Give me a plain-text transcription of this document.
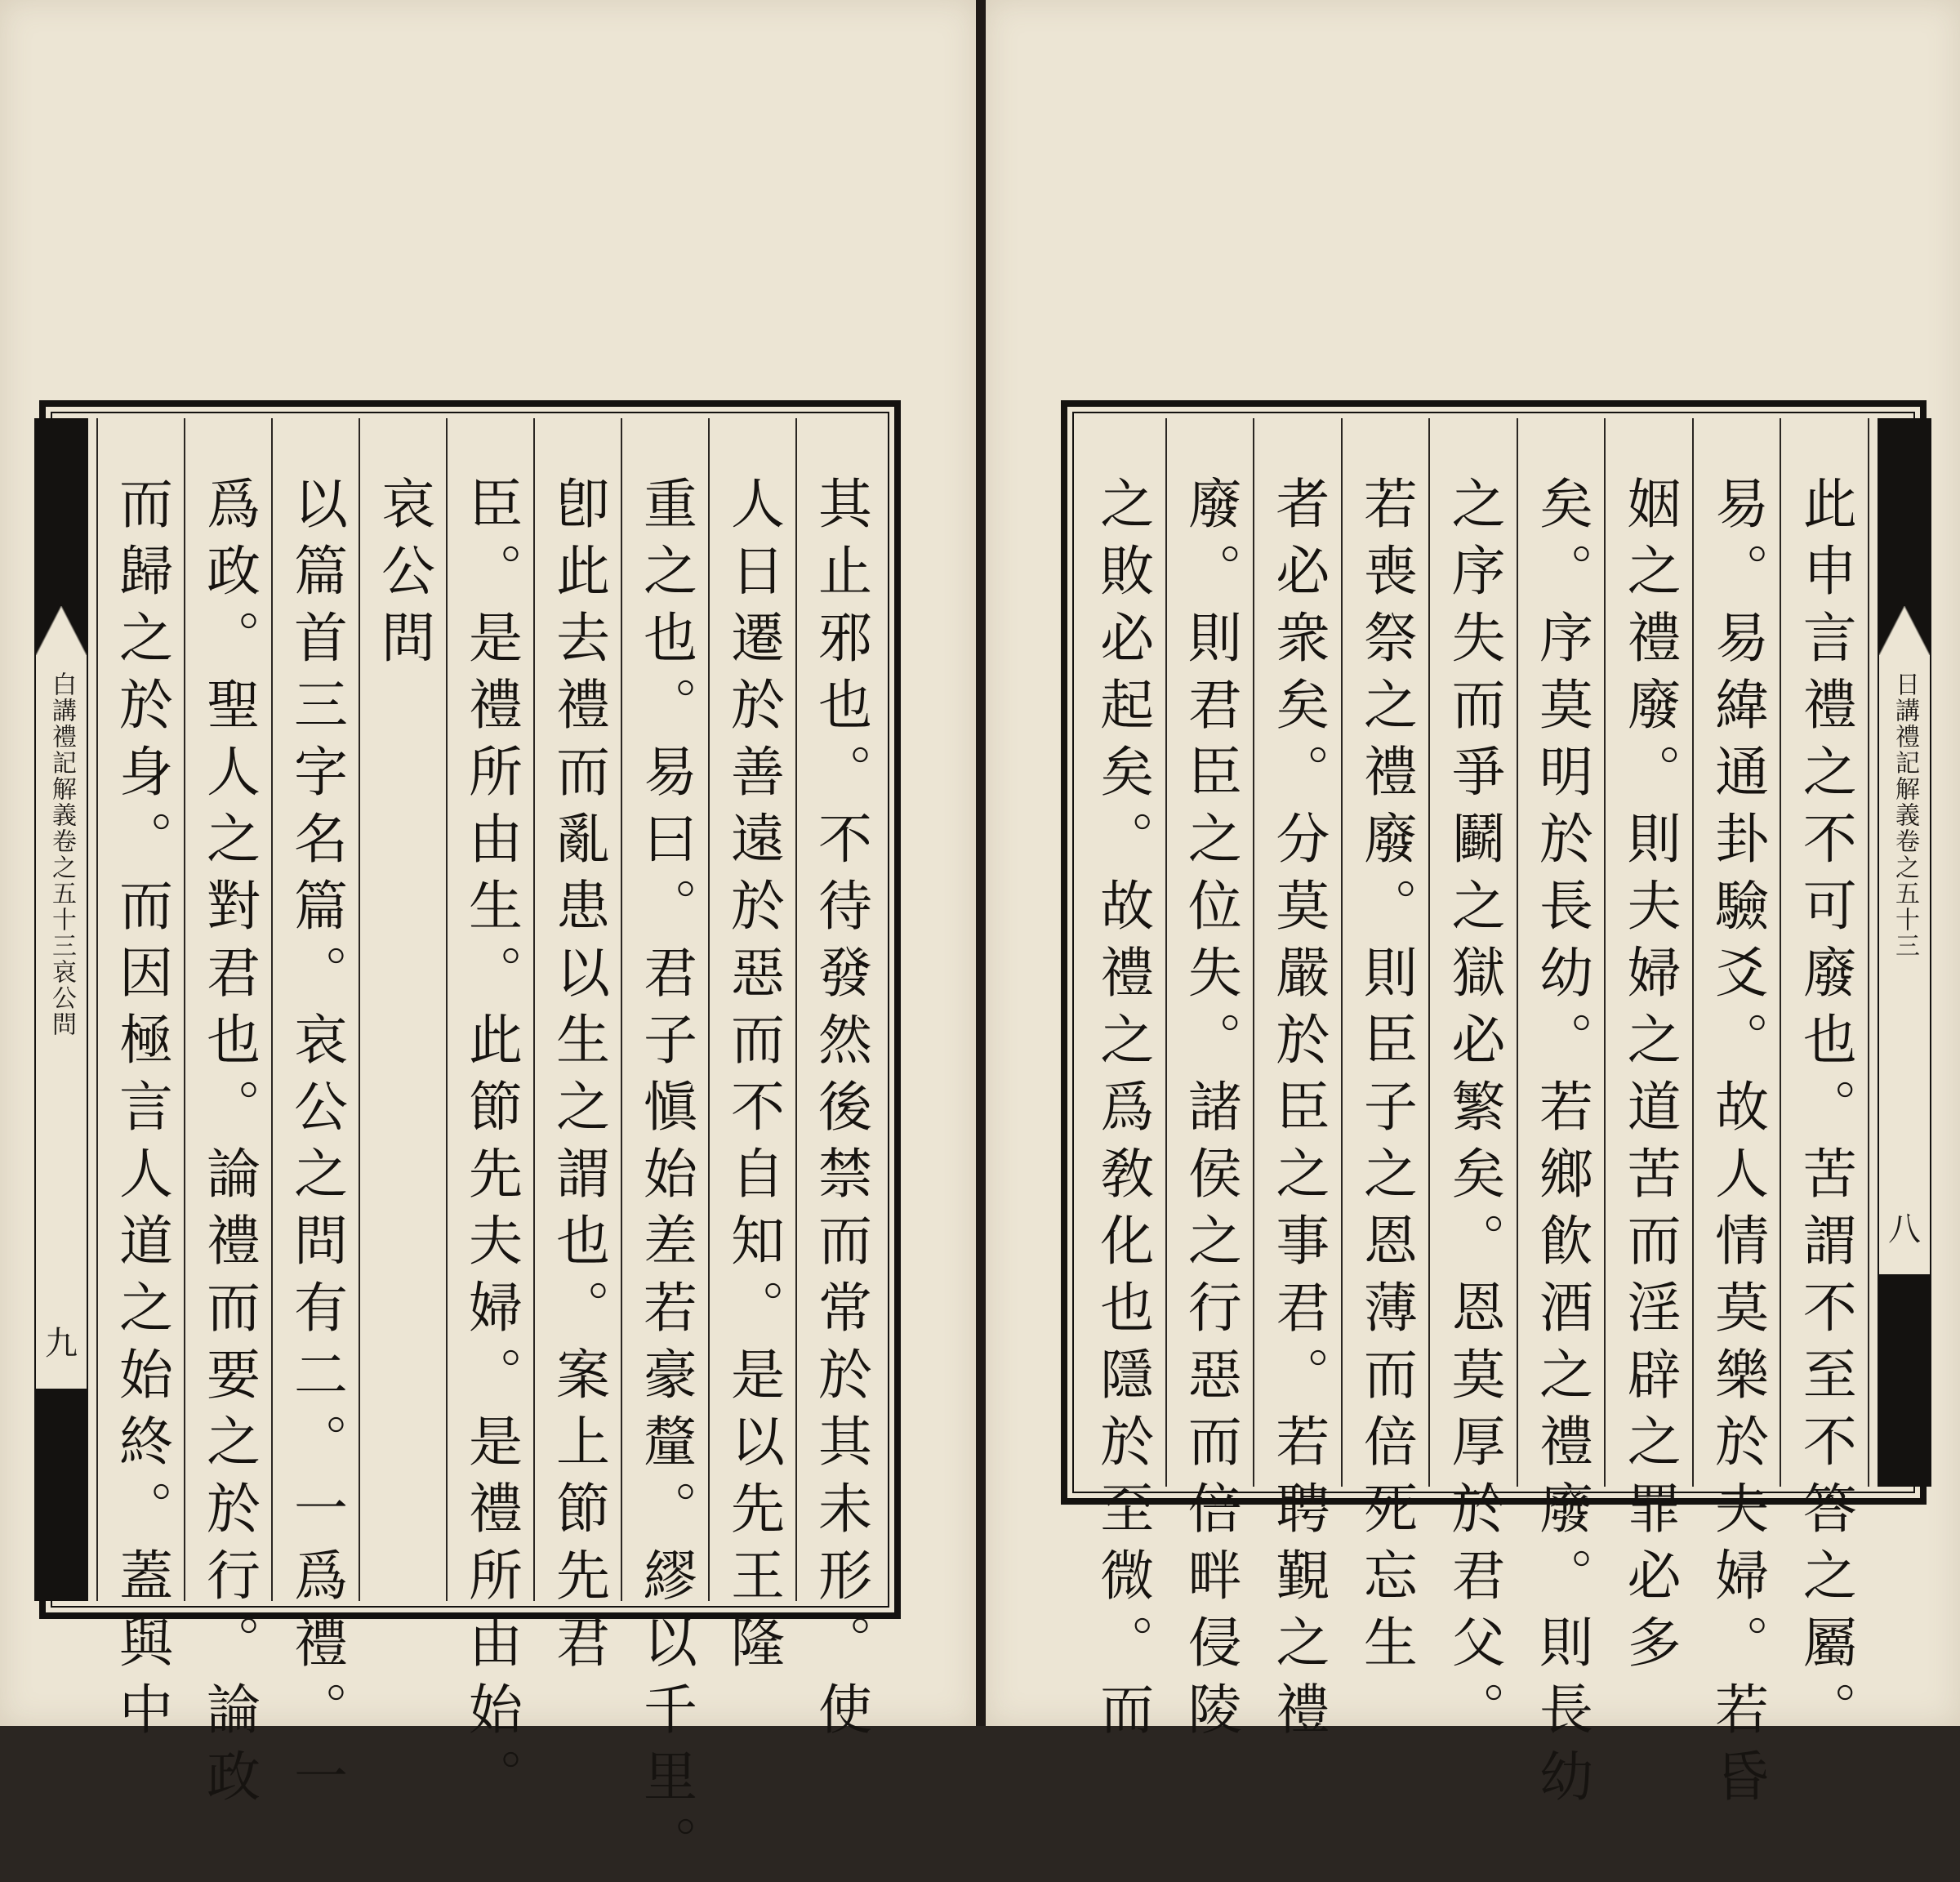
其止邪也。不待發然後禁而常於其未形。使
人日遷於善遠於惡而不自知。是以先王隆
重之也。易曰。君子愼始差若豪釐。繆以千里。
卽此去禮而亂患以生之謂也。案上節先君
臣。是禮所由生。此節先夫婦。是禮所由始。
哀公問
以篇首三字名篇。哀公之問有二。一爲禮。一
爲政。聖人之對君也。論禮而要之於行。論政
而歸之於身。而因極言人道之始終。蓋與中
白講禮記解義卷之五十三哀公問
九	此申言禮之不可廢也。苦謂不至不答之屬。
易。易緯通卦驗爻。故人情莫樂於夫婦。若昏
姻之禮廢。則夫婦之道苦而淫辟之罪必多
矣。序莫明於長幼。若鄉飮酒之禮廢。則長幼
之序失而爭鬬之獄必繁矣。恩莫厚於君父。
若喪祭之禮廢。則臣子之恩薄而倍死忘生
者必衆矣。分莫嚴於臣之事君。若聘覲之禮
廢。則君臣之位失。諸侯之行惡而倍畔侵陵
之敗必起矣。故禮之爲敎化也隱於至微。而	日講禮記解義卷之五十三
八
